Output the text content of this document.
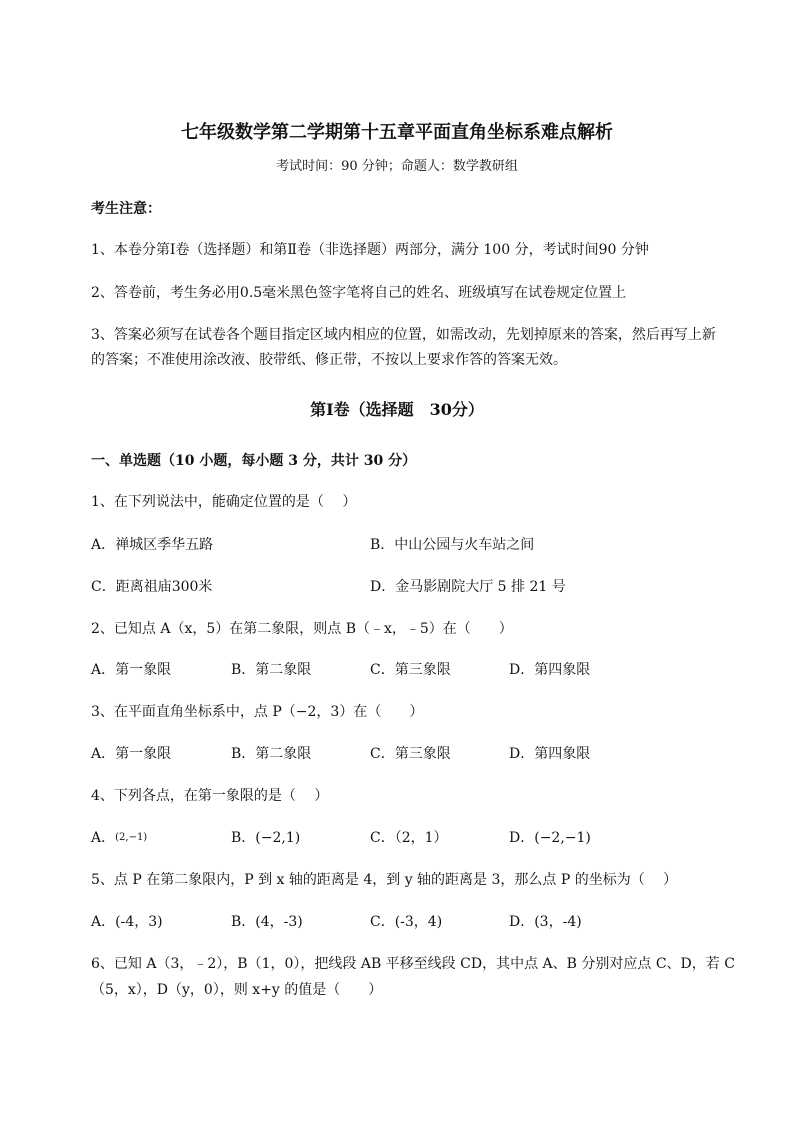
七年级数学第二学期第十五章平面直角坐标系难点解析
考试时间：90 分钟；命题人：数学教研组
考生注意：
1、本卷分第Ⅰ卷（选择题）和第Ⅱ卷（非选择题）两部分，满分 100 分，考试时间90 分钟
2、答卷前，考生务必用0.5毫米黑色签字笔将自己的姓名、班级填写在试卷规定位置上
3、答案必须写在试卷各个题目指定区域内相应的位置，如需改动，先划掉原来的答案，然后再写上新
的答案；不准使用涂改液、胶带纸、修正带，不按以上要求作答的答案无效。
第Ⅰ卷（选择题　30分）
一、单选题（10 小题，每小题 3 分，共计 30 分）
1、在下列说法中，能确定位置的是（　 ）
A．禅城区季华五路	B．中山公园与火车站之间
C．距离祖庙300米	D．金马影剧院大厅 5 排 21 号
2、已知点 A（x，5）在第二象限，则点 B（﹣x，﹣5）在（　　）
A．第一象限	B．第二象限	C．第三象限	D．第四象限
3、在平面直角坐标系中，点 P（−2，3）在（　　）
A．第一象限	B．第二象限	C．第三象限	D．第四象限
4、下列各点，在第一象限的是（　 ）
A．(2,−1)	B．(−2,1)	C．（2，1）	D．(−2,−1)
5、点 P 在第二象限内，P 到 x 轴的距离是 4，到 y 轴的距离是 3，那么点 P 的坐标为（　 ）
A．(-4，3)	B．(4，-3)	C．(-3，4)	D．(3，-4)
6、已知 A（3，﹣2），B（1，0），把线段 AB 平移至线段 CD，其中点 A、B 分别对应点 C、D，若 C
（5，x），D（y，0），则 x+y 的值是（　　）
